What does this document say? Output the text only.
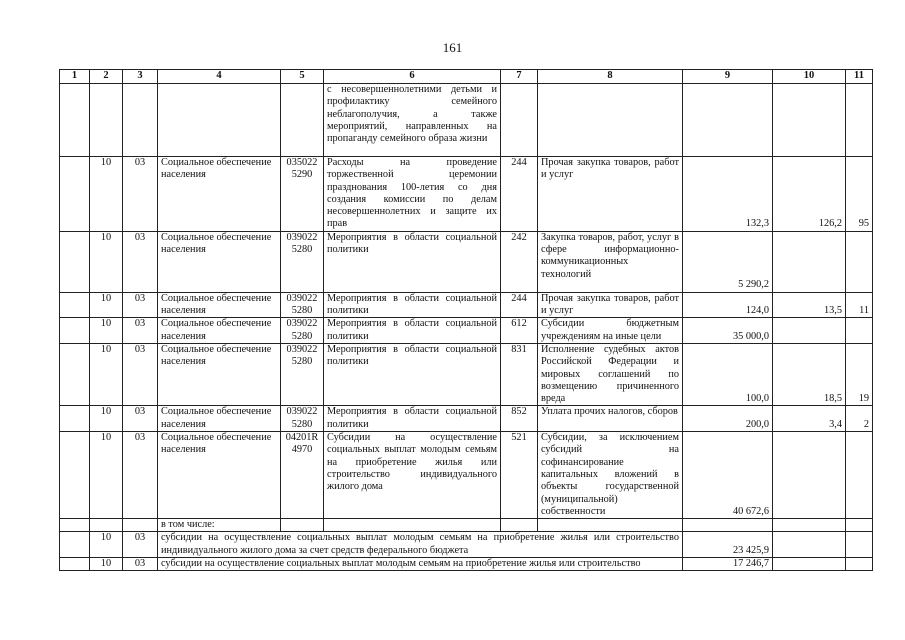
161
1	2	3	4	5	6	7	8	9	10	11
					с несовершеннолетними детьми и профилактику семейного неблагополучия, а также мероприятий, направленных на пропаганду семейного образа жизни					
	10	03	Социальное обеспечение населения	035022 5290	Расходы на проведение торжественной церемонии празднования 100-летия со дня создания комиссии по делам несовершеннолетних и защите их прав	244	Прочая закупка товаров, работ и услуг	132,3	126,2	95
	10	03	Социальное обеспечение населения	039022 5280	Мероприятия в области социальной политики	242	Закупка товаров, работ, услуг в сфере информационно-коммуникационных технологий	5 290,2		
	10	03	Социальное обеспечение населения	039022 5280	Мероприятия в области социальной политики	244	Прочая закупка товаров, работ и услуг	124,0	13,5	11
	10	03	Социальное обеспечение населения	039022 5280	Мероприятия в области социальной политики	612	Субсидии бюджетным учреждениям на иные цели	35 000,0		
	10	03	Социальное обеспечение населения	039022 5280	Мероприятия в области социальной политики	831	Исполнение судебных актов Российской Федерации и мировых соглашений по возмещению причиненного вреда	100,0	18,5	19
	10	03	Социальное обеспечение населения	039022 5280	Мероприятия в области социальной политики	852	Уплата прочих налогов, сборов	200,0	3,4	2
	10	03	Социальное обеспечение населения	04201R 4970	Субсидии на осуществление социальных выплат молодым семьям на приобретение жилья или строительство индивидуального жилого дома	521	Субсидии, за исключением субсидий на софинансирование капитальных вложений в объекты государственной (муниципальной) собственности	40 672,6		
			в том числе:							
	10	03	субсидии на осуществление социальных выплат молодым семьям на приобретение жилья или строительство индивидуального жилого дома за счет средств федерального бюджета					23 425,9		
	10	03	субсидии на осуществление социальных выплат молодым семьям на приобретение жилья или строительство					17 246,7		
